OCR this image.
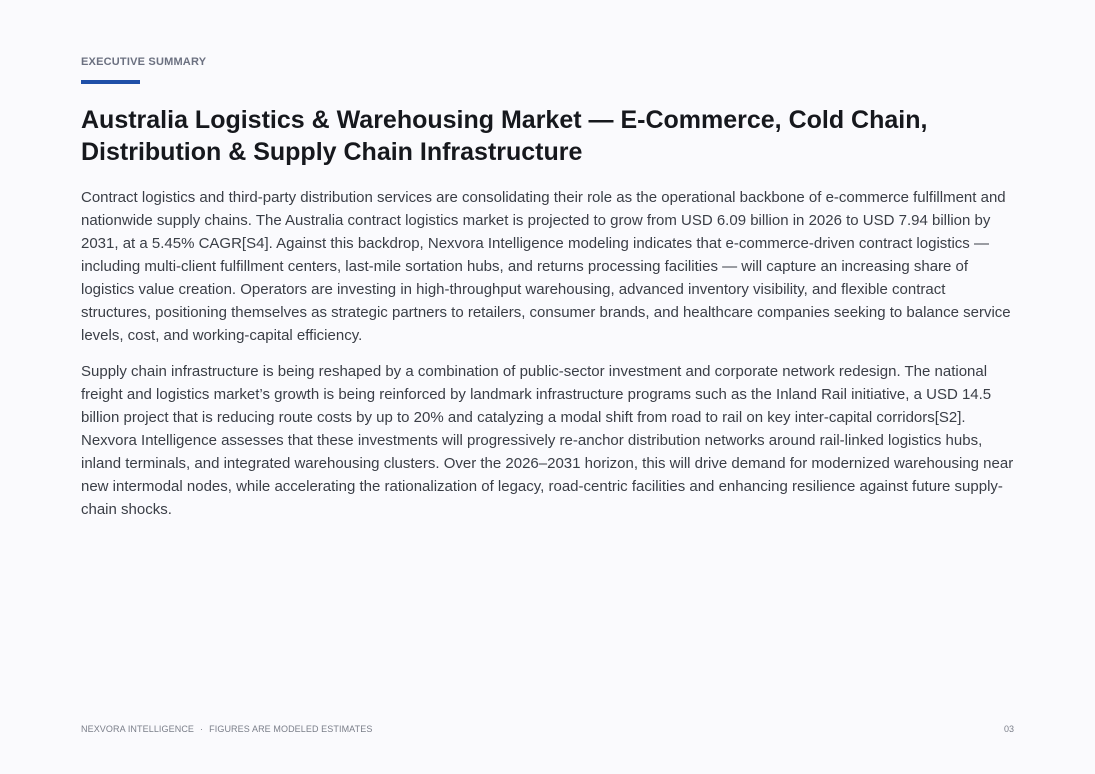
EXECUTIVE SUMMARY
Australia Logistics & Warehousing Market — E-Commerce, Cold Chain, Distribution & Supply Chain Infrastructure

Contract logistics and third-party distribution services are consolidating their role as the operational backbone of e-commerce fulfillment and nationwide supply chains. The Australia contract logistics market is projected to grow from USD 6.09 billion in 2026 to USD 7.94 billion by 2031, at a 5.45% CAGR[S4]. Against this backdrop, Nexvora Intelligence modeling indicates that e-commerce-driven contract logistics — including multi-client fulfillment centers, last-mile sortation hubs, and returns processing facilities — will capture an increasing share of logistics value creation. Operators are investing in high-throughput warehousing, advanced inventory visibility, and flexible contract structures, positioning themselves as strategic partners to retailers, consumer brands, and healthcare companies seeking to balance service levels, cost, and working-capital efficiency.

Supply chain infrastructure is being reshaped by a combination of public-sector investment and corporate network redesign. The national freight and logistics market’s growth is being reinforced by landmark infrastructure programs such as the Inland Rail initiative, a USD 14.5 billion project that is reducing route costs by up to 20% and catalyzing a modal shift from road to rail on key inter-capital corridors[S2]. Nexvora Intelligence assesses that these investments will progressively re-anchor distribution networks around rail-linked logistics hubs, inland terminals, and integrated warehousing clusters. Over the 2026–2031 horizon, this will drive demand for modernized warehousing near new intermodal nodes, while accelerating the rationalization of legacy, road-centric facilities and enhancing resilience against future supply-chain shocks.

NEXVORA INTELLIGENCE · FIGURES ARE MODELED ESTIMATES	03
